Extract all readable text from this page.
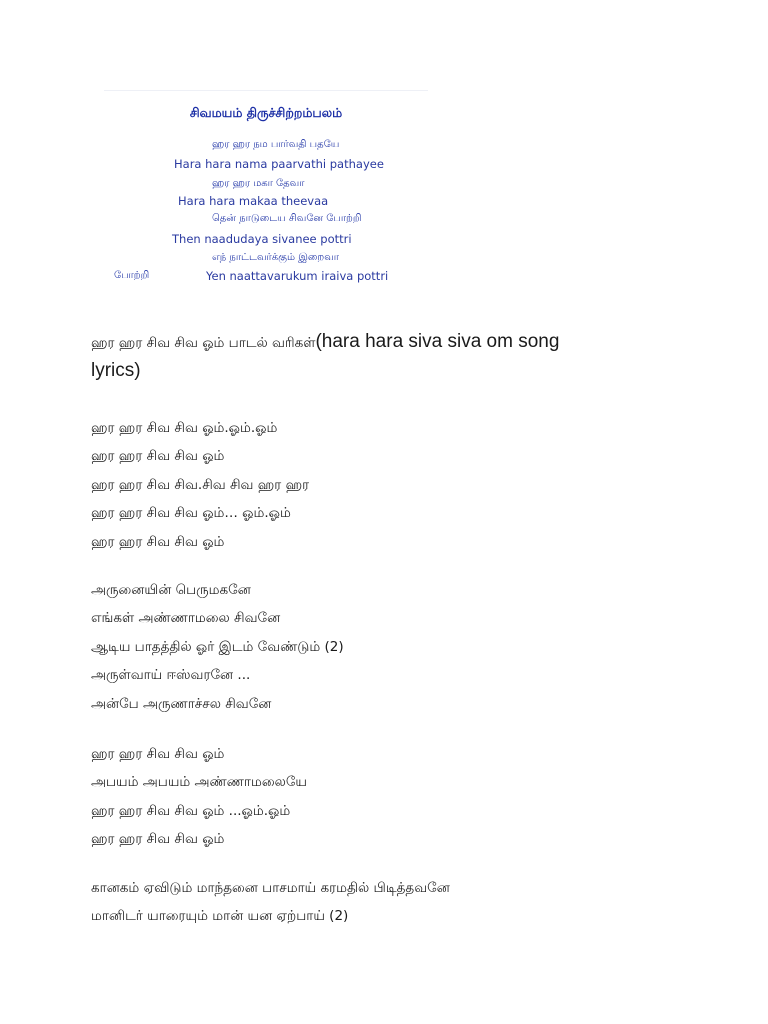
சிவமயம் திருச்சிற்றம்பலம்
ஹர ஹர நம பார்வதி பதயே
Hara hara nama paarvathi pathayee
ஹர ஹர மகா தேவா
Hara hara makaa theevaa
தென் நாடுடைய சிவனே போற்றி
Then naadudaya sivanee pottri
எந் நாட்டவர்க்கும் இறைவா
போற்றி	Yen naattavarukum iraiva pottri
ஹர ஹர சிவ சிவ ஓம் பாடல் வரிகள்(hara hara siva siva om song
lyrics)
ஹர ஹர சிவ சிவ ஓம்.ஓம்.ஓம்
ஹர ஹர சிவ சிவ ஓம்
ஹர ஹர சிவ சிவ.சிவ சிவ ஹர ஹர
ஹர ஹர சிவ சிவ ஓம்… ஓம்.ஓம்
ஹர ஹர சிவ சிவ ஓம்
அருனையின் பெருமகனே
எங்கள் அண்ணாமலை சிவனே
ஆடிய பாதத்தில் ஓர் இடம் வேண்டும் (2)
அருள்வாய் ஈஸ்வரனே ...
அன்பே அருணாச்சல சிவனே
ஹர ஹர சிவ சிவ ஓம்
அபயம் அபயம் அண்ணாமலையே
ஹர ஹர சிவ சிவ ஓம் ...ஓம்.ஓம்
ஹர ஹர சிவ சிவ ஓம்
கானகம் ஏவிடும் மாந்தனை பாசமாய் கரமதில் பிடித்தவனே
மானிடர் யாரையும் மான் யன ஏற்பாய் (2)
